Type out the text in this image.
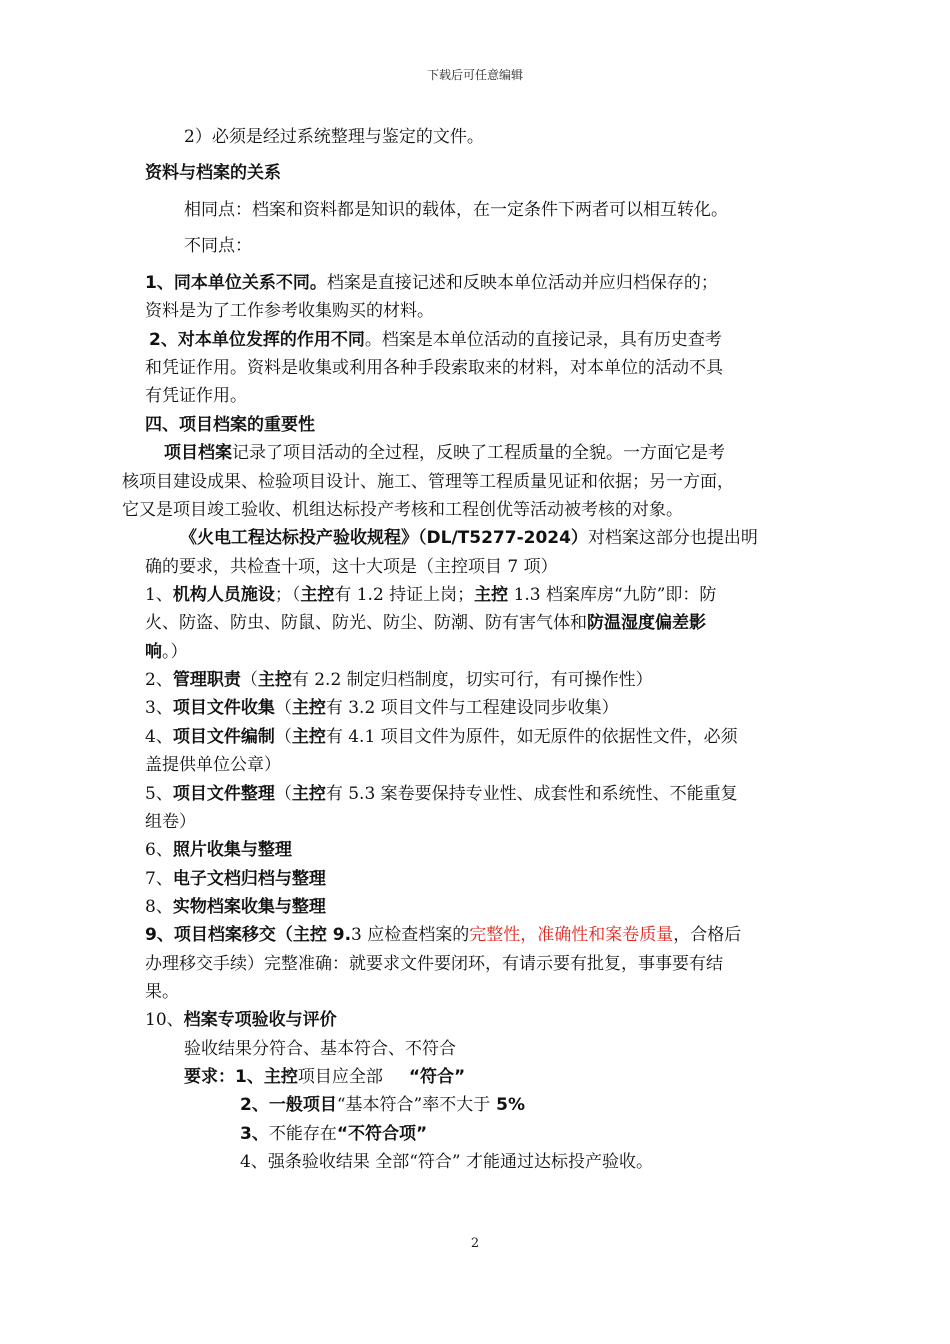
下载后可任意编辑
2）必须是经过系统整理与鉴定的文件。
资料与档案的关系
相同点：档案和资料都是知识的载体，在一定条件下两者可以相互转化。
不同点：
1、同本单位关系不同。档案是直接记述和反映本单位活动并应归档保存的；
资料是为了工作参考收集购买的材料。
2、对本单位发挥的作用不同。档案是本单位活动的直接记录，具有历史查考
和凭证作用。资料是收集或利用各种手段索取来的材料，对本单位的活动不具
有凭证作用。
四、项目档案的重要性
项目档案记录了项目活动的全过程，反映了工程质量的全貌。一方面它是考
核项目建设成果、检验项目设计、施工、管理等工程质量见证和依据；另一方面，
它又是项目竣工验收、机组达标投产考核和工程创优等活动被考核的对象。
《火电工程达标投产验收规程》（DL/T5277-2024）对档案这部分也提出明
确的要求，共检查十项，这十大项是（主控项目 7 项）
1、机构人员施设；（主控有 1.2 持证上岗；主控 1.3 档案库房“九防”即：防
火、防盗、防虫、防鼠、防光、防尘、防潮、防有害气体和防温湿度偏差影
响。）
2、管理职责（主控有 2.2 制定归档制度，切实可行，有可操作性）
3、项目文件收集（主控有 3.2 项目文件与工程建设同步收集）
4、项目文件编制（主控有 4.1 项目文件为原件，如无原件的依据性文件，必须
盖提供单位公章）
5、项目文件整理（主控有 5.3 案卷要保持专业性、成套性和系统性、不能重复
组卷）
6、照片收集与整理
7、电子文档归档与整理
8、实物档案收集与整理
9、项目档案移交（主控 9.3 应检查档案的完整性，准确性和案卷质量，合格后
办理移交手续）完整准确：就要求文件要闭环，有请示要有批复，事事要有结
果。
10、档案专项验收与评价
验收结果分符合、基本符合、不符合
要求：1、主控项目应全部 “符合”
2、一般项目“基本符合”率不大于 5%
3、不能存在“不符合项”
4、强条验收结果 全部“符合” 才能通过达标投产验收。
2
